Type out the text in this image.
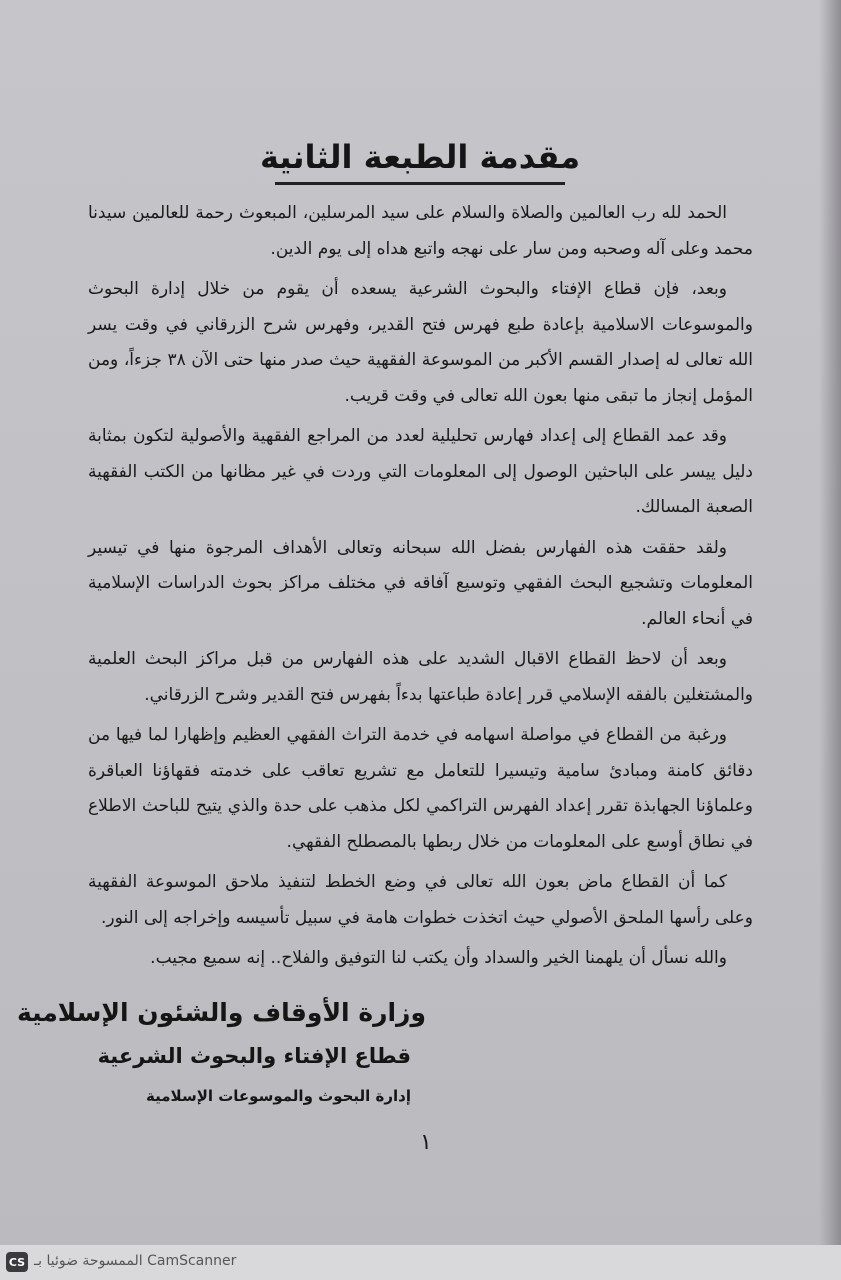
مقدمة الطبعة الثانية

الحمد لله رب العالمين والصلاة والسلام على سيد المرسلين، المبعوث رحمة للعالمين سيدنا محمد وعلى آله وصحبه ومن سار على نهجه واتبع هداه إلى يوم الدين.

وبعد، فإن قطاع الإفتاء والبحوث الشرعية يسعده أن يقوم من خلال إدارة البحوث والموسوعات الاسلامية بإعادة طبع فهرس فتح القدير، وفهرس شرح الزرقاني في وقت يسر الله تعالى له إصدار القسم الأكبر من الموسوعة الفقهية حيث صدر منها حتى الآن ٣٨ جزءاً، ومن المؤمل إنجاز ما تبقى منها بعون الله تعالى في وقت قريب.

وقد عمد القطاع إلى إعداد فهارس تحليلية لعدد من المراجع الفقهية والأصولية لتكون بمثابة دليل ييسر على الباحثين الوصول إلى المعلومات التي وردت في غير مظانها من الكتب الفقهية الصعبة المسالك.

ولقد حققت هذه الفهارس بفضل الله سبحانه وتعالى الأهداف المرجوة منها في تيسير المعلومات وتشجيع البحث الفقهي وتوسيع آفاقه في مختلف مراكز بحوث الدراسات الإسلامية في أنحاء العالم.

وبعد أن لاحظ القطاع الاقبال الشديد على هذه الفهارس من قبل مراكز البحث العلمية والمشتغلين بالفقه الإسلامي قرر إعادة طباعتها بدءاً بفهرس فتح القدير وشرح الزرقاني.

ورغبة من القطاع في مواصلة اسهامه في خدمة التراث الفقهي العظيم وإظهارا لما فيها من دقائق كامنة ومبادئ سامية وتيسيرا للتعامل مع تشريع تعاقب على خدمته فقهاؤنا العباقرة وعلماؤنا الجهابذة تقرر إعداد الفهرس التراكمي لكل مذهب على حدة والذي يتيح للباحث الاطلاع في نطاق أوسع على المعلومات من خلال ربطها بالمصطلح الفقهي.

كما أن القطاع ماض بعون الله تعالى في وضع الخطط لتنفيذ ملاحق الموسوعة الفقهية وعلى رأسها الملحق الأصولي حيث اتخذت خطوات هامة في سبيل تأسيسه وإخراجه إلى النور.

والله نسأل أن يلهمنا الخير والسداد وأن يكتب لنا التوفيق والفلاح.. إنه سميع مجيب.

وزارة الأوقاف والشئون الإسلامية

قطاع الإفتاء والبحوث الشرعية

إدارة البحوث والموسوعات الإسلامية

١

CS الممسوحة ضوئيا بـ CamScanner
